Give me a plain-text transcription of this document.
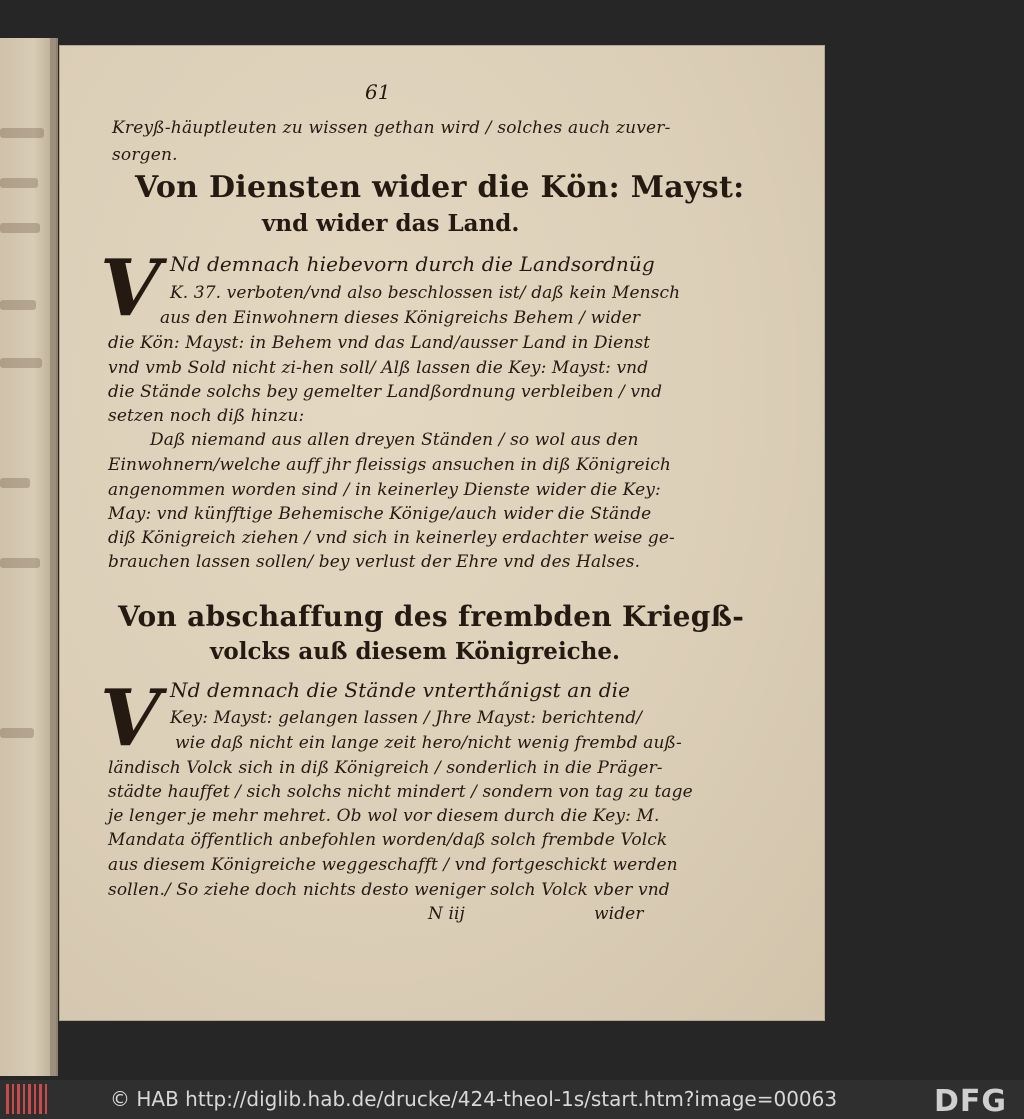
61
Kreyß-häuptleuten zu wissen gethan wird / solches auch zuver-
sorgen.
Von Diensten wider die Kön: Mayst:
vnd wider das Land.
V Nd demnach hiebevorn durch die Landsordnüg
K. 37. verboten/vnd also beschlossen ist/ daß kein Mensch
aus den Einwohnern dieses Königreichs Behem / wider
die Kön: Mayst: in Behem vnd das Land/ausser Land in Dienst
vnd vmb Sold nicht zi-hen soll/ Alß lassen die Key: Mayst: vnd
die Stände solchs bey gemelter Landßordnung verbleiben / vnd
setzen noch diß hinzu:
Daß niemand aus allen dreyen Ständen / so wol aus den
Einwohnern/welche auff jhr fleissigs ansuchen in diß Königreich
angenommen worden sind / in keinerley Dienste wider die Key:
May: vnd künfftige Behemische Könige/auch wider die Stände
diß Königreich ziehen / vnd sich in keinerley erdachter weise ge-
brauchen lassen sollen/ bey verlust der Ehre vnd des Halses.
Von abschaffung des frembden Kriegß-
volcks auß diesem Königreiche.
V Nd demnach die Stände vntertha̋nigst an die
Key: Mayst: gelangen lassen / Jhre Mayst: berichtend/
wie daß nicht ein lange zeit hero/nicht wenig frembd auß-
ländisch Volck sich in diß Königreich / sonderlich in die Präger-
städte hauffet / sich solchs nicht mindert / sondern von tag zu tage
je lenger je mehr mehret. Ob wol vor diesem durch die Key: M.
Mandata öffentlich anbefohlen worden/daß solch frembde Volck
aus diesem Königreiche weggeschafft / vnd fortgeschickt werden
sollen./ So ziehe doch nichts desto weniger solch Volck vber vnd
N iij	wider
© HAB http://diglib.hab.de/drucke/424-theol-1s/start.htm?image=00063	DFG
